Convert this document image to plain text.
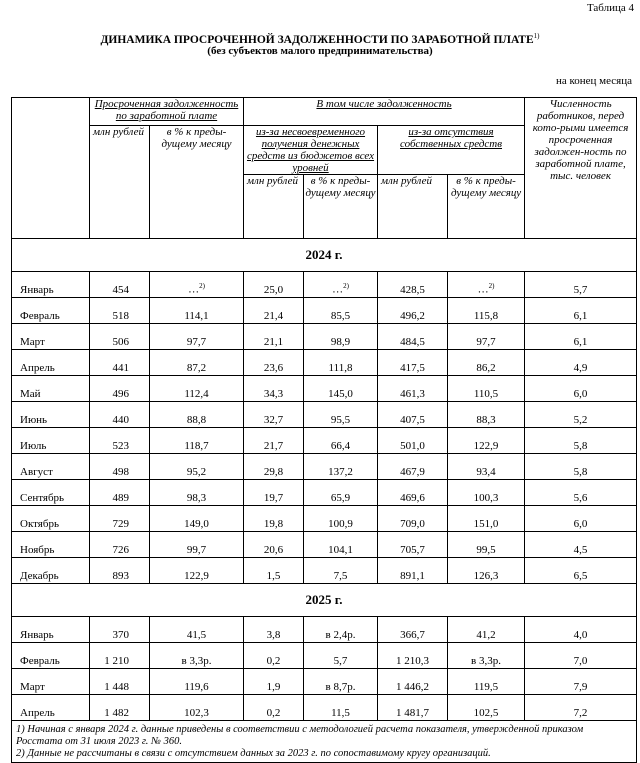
Таблица 4
ДИНАМИКА ПРОСРОЧЕННОЙ ЗАДОЛЖЕННОСТИ ПО ЗАРАБОТНОЙ ПЛАТЕ$^{1)}$
(без субъектов малого предпринимательства)
на конец месяца
	Просроченная задолженность по заработной плате		В том числе задолженность				Численность работников, перед кото-рыми имеется просроченная задолжен-ность по заработной плате, тыс. человек
	млн рублей	в % к преды-дущему месяцу	из-за несвоевременного получения денежных средств из бюджетов всех уровней		из-за отсутствия собственных средств		
			млн рублей	в % к преды-дущему месяцу	млн рублей	в % к преды-дущему месяцу	
2024 г.							
Январь	454	…$^{2)}$	25,0	…$^{2)}$	428,5	…$^{2)}$	5,7
Февраль	518	114,1	21,4	85,5	496,2	115,8	6,1
Март	506	97,7	21,1	98,9	484,5	97,7	6,1
Апрель	441	87,2	23,6	111,8	417,5	86,2	4,9
Май	496	112,4	34,3	145,0	461,3	110,5	6,0
Июнь	440	88,8	32,7	95,5	407,5	88,3	5,2
Июль	523	118,7	21,7	66,4	501,0	122,9	5,8
Август	498	95,2	29,8	137,2	467,9	93,4	5,8
Сентябрь	489	98,3	19,7	65,9	469,6	100,3	5,6
Октябрь	729	149,0	19,8	100,9	709,0	151,0	6,0
Ноябрь	726	99,7	20,6	104,1	705,7	99,5	4,5
Декабрь	893	122,9	1,5	7,5	891,1	126,3	6,5
2025 г.							
Январь	370	41,5	3,8	в 2,4р.	366,7	41,2	4,0
Февраль	1 210	в 3,3р.	0,2	5,7	1 210,3	в 3,3р.	7,0
Март	1 448	119,6	1,9	в 8,7р.	1 446,2	119,5	7,9
Апрель	1 482	102,3	0,2	11,5	1 481,7	102,5	7,2

1) Начиная с января 2024 г. данные приведены в соответствии с методологией расчета показателя, утвержденной приказом Росстата от 31 июля 2023 г. № 360.
2) Данные не рассчитаны в связи с отсутствием данных за 2023 г. по сопоставимому кругу организаций.							
